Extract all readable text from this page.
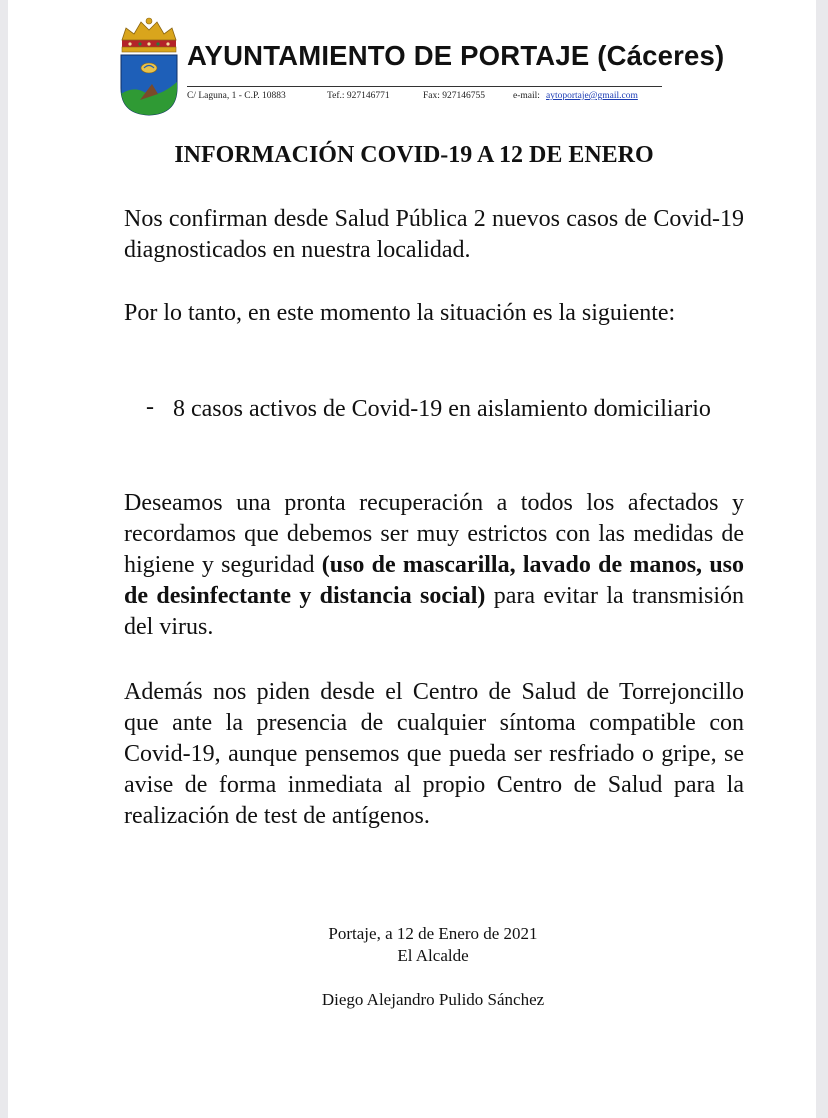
AYUNTAMIENTO DE PORTAJE (Cáceres)
C/ Laguna, 1 - C.P. 10883	Tef.: 927146771	Fax: 927146755	e-mail: aytoportaje@gmail.com
INFORMACIÓN COVID-19 A 12 DE ENERO
Nos confirman desde Salud Pública 2 nuevos casos de Covid-19 diagnosticados en nuestra localidad.
Por lo tanto, en este momento la situación es la siguiente:
- 8 casos activos de Covid-19 en aislamiento domiciliario
Deseamos una pronta recuperación a todos los afectados y recordamos que debemos ser muy estrictos con las medidas de higiene y seguridad (uso de mascarilla, lavado de manos, uso de desinfectante y distancia social) para evitar la transmisión del virus.
Además nos piden desde el Centro de Salud de Torrejoncillo que ante la presencia de cualquier síntoma compatible con Covid-19, aunque pensemos que pueda ser resfriado o gripe, se avise de forma inmediata al propio Centro de Salud para la realización de test de antígenos.
Portaje, a 12 de Enero de 2021
El Alcalde
Diego Alejandro Pulido Sánchez
